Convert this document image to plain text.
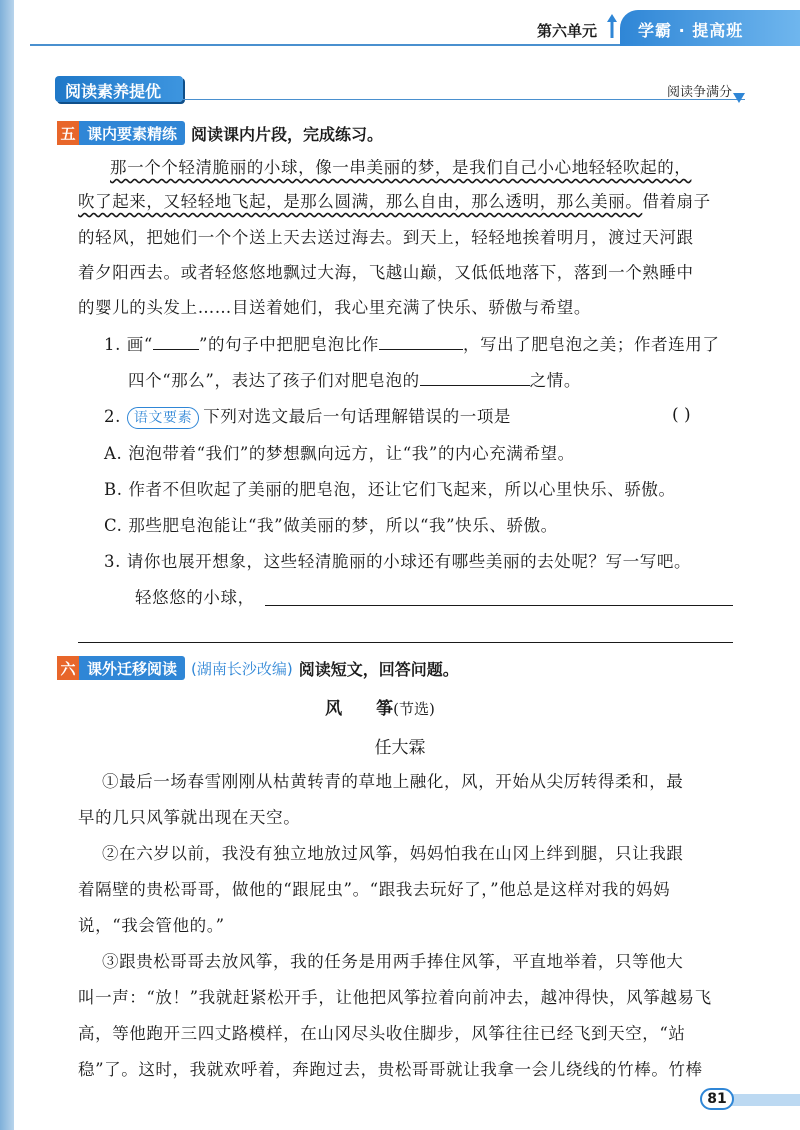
第六单元	学霸 · 提高班
阅读素养提优	阅读争满分
五 课内要素精练 阅读课内片段，完成练习。
那一个个轻清脆丽的小球，像一串美丽的梦，是我们自己小心地轻轻吹起的，
吹了起来，又轻轻地飞起，是那么圆满，那么自由，那么透明，那么美丽。借着扇子
的轻风，把她们一个个送上天去送过海去。到天上，轻轻地挨着明月，渡过天河跟
着夕阳西去。或者轻悠悠地飘过大海，飞越山巅，又低低地落下，落到一个熟睡中
的婴儿的头发上……目送着她们，我心里充满了快乐、骄傲与希望。
1. 画“	”的句子中把肥皂泡比作	，写出了肥皂泡之美；作者连用了
四个“那么”，表达了孩子们对肥皂泡的	之情。
2. 语文要素 下列对选文最后一句话理解错误的一项是	( )
A. 泡泡带着“我们”的梦想飘向远方，让“我”的内心充满希望。
B. 作者不但吹起了美丽的肥皂泡，还让它们飞起来，所以心里快乐、骄傲。
C. 那些肥皂泡能让“我”做美丽的梦，所以“我”快乐、骄傲。
3. 请你也展开想象，这些轻清脆丽的小球还有哪些美丽的去处呢？写一写吧。
轻悠悠的小球，
六 课外迁移阅读 (湖南长沙改编) 阅读短文，回答问题。
风　　筝(节选)
任大霖
①最后一场春雪刚刚从枯黄转青的草地上融化，风，开始从尖厉转得柔和，最
早的几只风筝就出现在天空。
②在六岁以前，我没有独立地放过风筝，妈妈怕我在山冈上绊到腿，只让我跟
着隔壁的贵松哥哥，做他的“跟屁虫”。“跟我去玩好了，”他总是这样对我的妈妈
说，“我会管他的。”
③跟贵松哥哥去放风筝，我的任务是用两手捧住风筝，平直地举着，只等他大
叫一声：“放！”我就赶紧松开手，让他把风筝拉着向前冲去，越冲得快，风筝越易飞
高，等他跑开三四丈路模样，在山冈尽头收住脚步，风筝往往已经飞到天空，“站
稳”了。这时，我就欢呼着，奔跑过去，贵松哥哥就让我拿一会儿绕线的竹棒。竹棒
81
